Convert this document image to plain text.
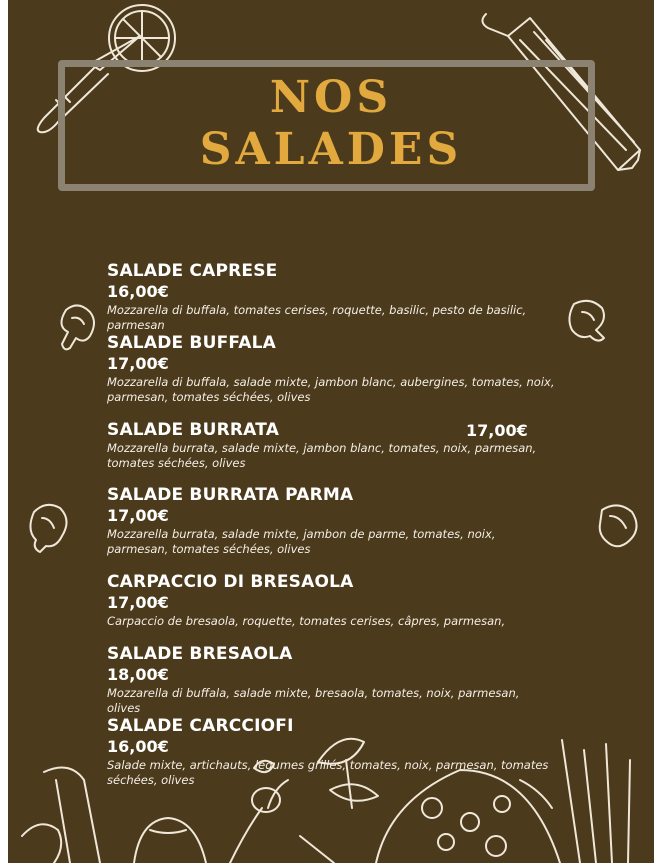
NOS
SALADES
SALADE CAPRESE
16,00€
Mozzarella di buffala, tomates cerises, roquette, basilic, pesto de basilic, parmesan
SALADE BUFFALA
17,00€
Mozzarella di buffala, salade mixte, jambon blanc, aubergines, tomates, noix, parmesan, tomates séchées, olives
SALADE BURRATA	17,00€
Mozzarella burrata, salade mixte, jambon blanc, tomates, noix, parmesan, tomates séchées, olives
SALADE BURRATA PARMA
17,00€
Mozzarella burrata, salade mixte, jambon de parme, tomates, noix, parmesan, tomates séchées, olives
CARPACCIO DI BRESAOLA
17,00€
Carpaccio de bresaola, roquette, tomates cerises, câpres, parmesan,
SALADE BRESAOLA
18,00€
Mozzarella di buffala, salade mixte, bresaola, tomates, noix, parmesan, olives
SALADE CARCCIOFI
16,00€
Salade mixte, artichauts, legumes grillés, tomates, noix, parmesan, tomates séchées, olives
